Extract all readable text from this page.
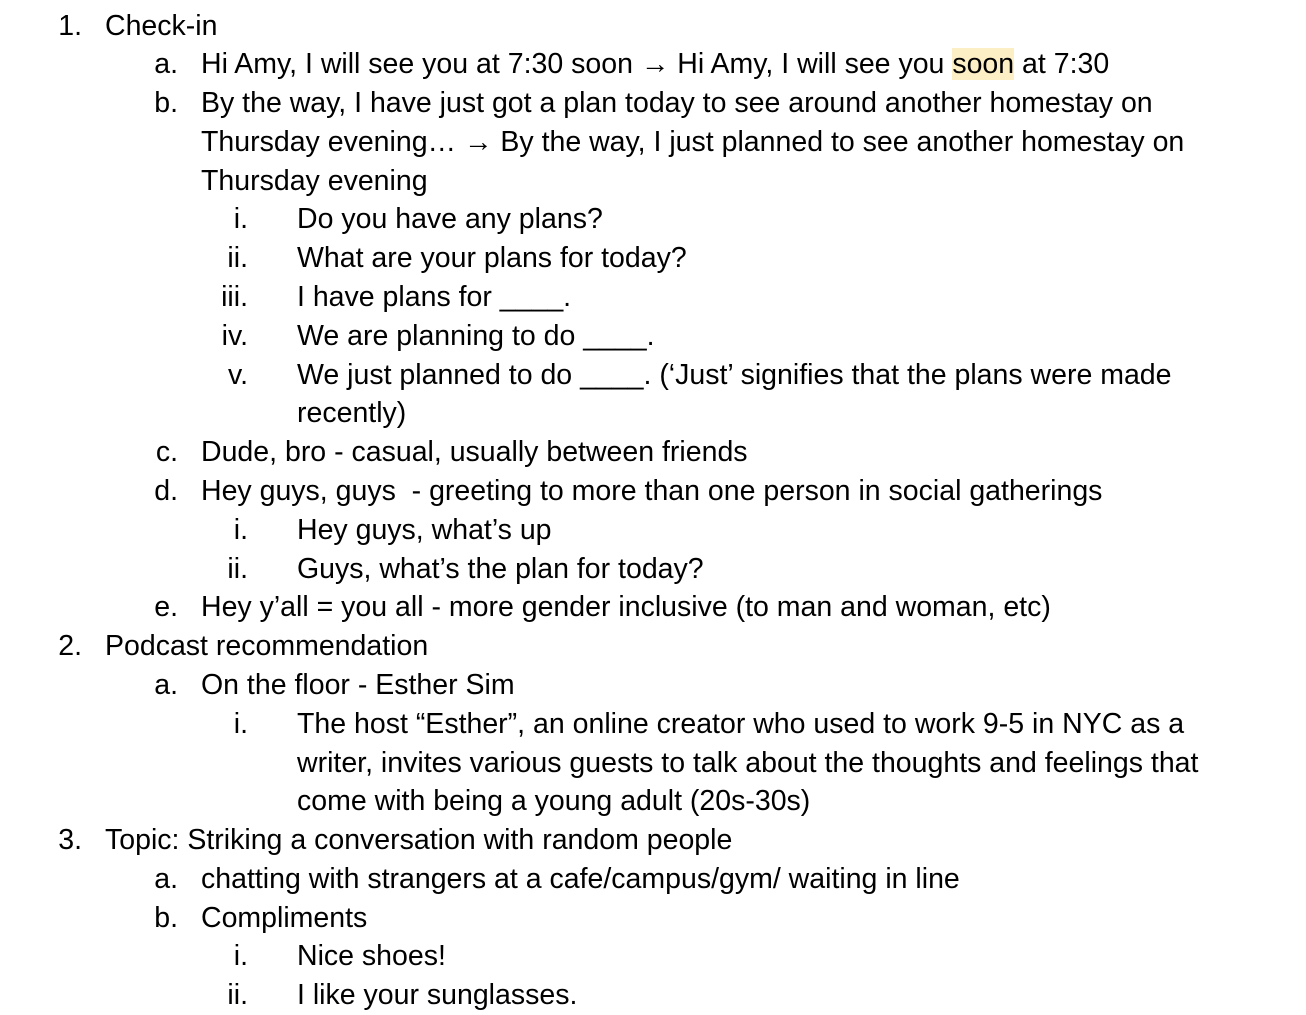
1. Check-in
a. Hi Amy, I will see you at 7:30 soon → Hi Amy, I will see you soon at 7:30
b. By the way, I have just got a plan today to see around another homestay on
Thursday evening… → By the way, I just planned to see another homestay on
Thursday evening
i. Do you have any plans?
ii. What are your plans for today?
iii. I have plans for ____.
iv. We are planning to do ____.
v. We just planned to do ____. (‘Just’ signifies that the plans were made
recently)
c. Dude, bro - casual, usually between friends
d. Hey guys, guys  - greeting to more than one person in social gatherings
i. Hey guys, what’s up
ii. Guys, what’s the plan for today?
e. Hey y’all = you all - more gender inclusive (to man and woman, etc)
2. Podcast recommendation
a. On the floor - Esther Sim
i. The host “Esther”, an online creator who used to work 9-5 in NYC as a
writer, invites various guests to talk about the thoughts and feelings that
come with being a young adult (20s-30s)
3. Topic: Striking a conversation with random people
a. chatting with strangers at a cafe/campus/gym/ waiting in line
b. Compliments
i. Nice shoes!
ii. I like your sunglasses.
